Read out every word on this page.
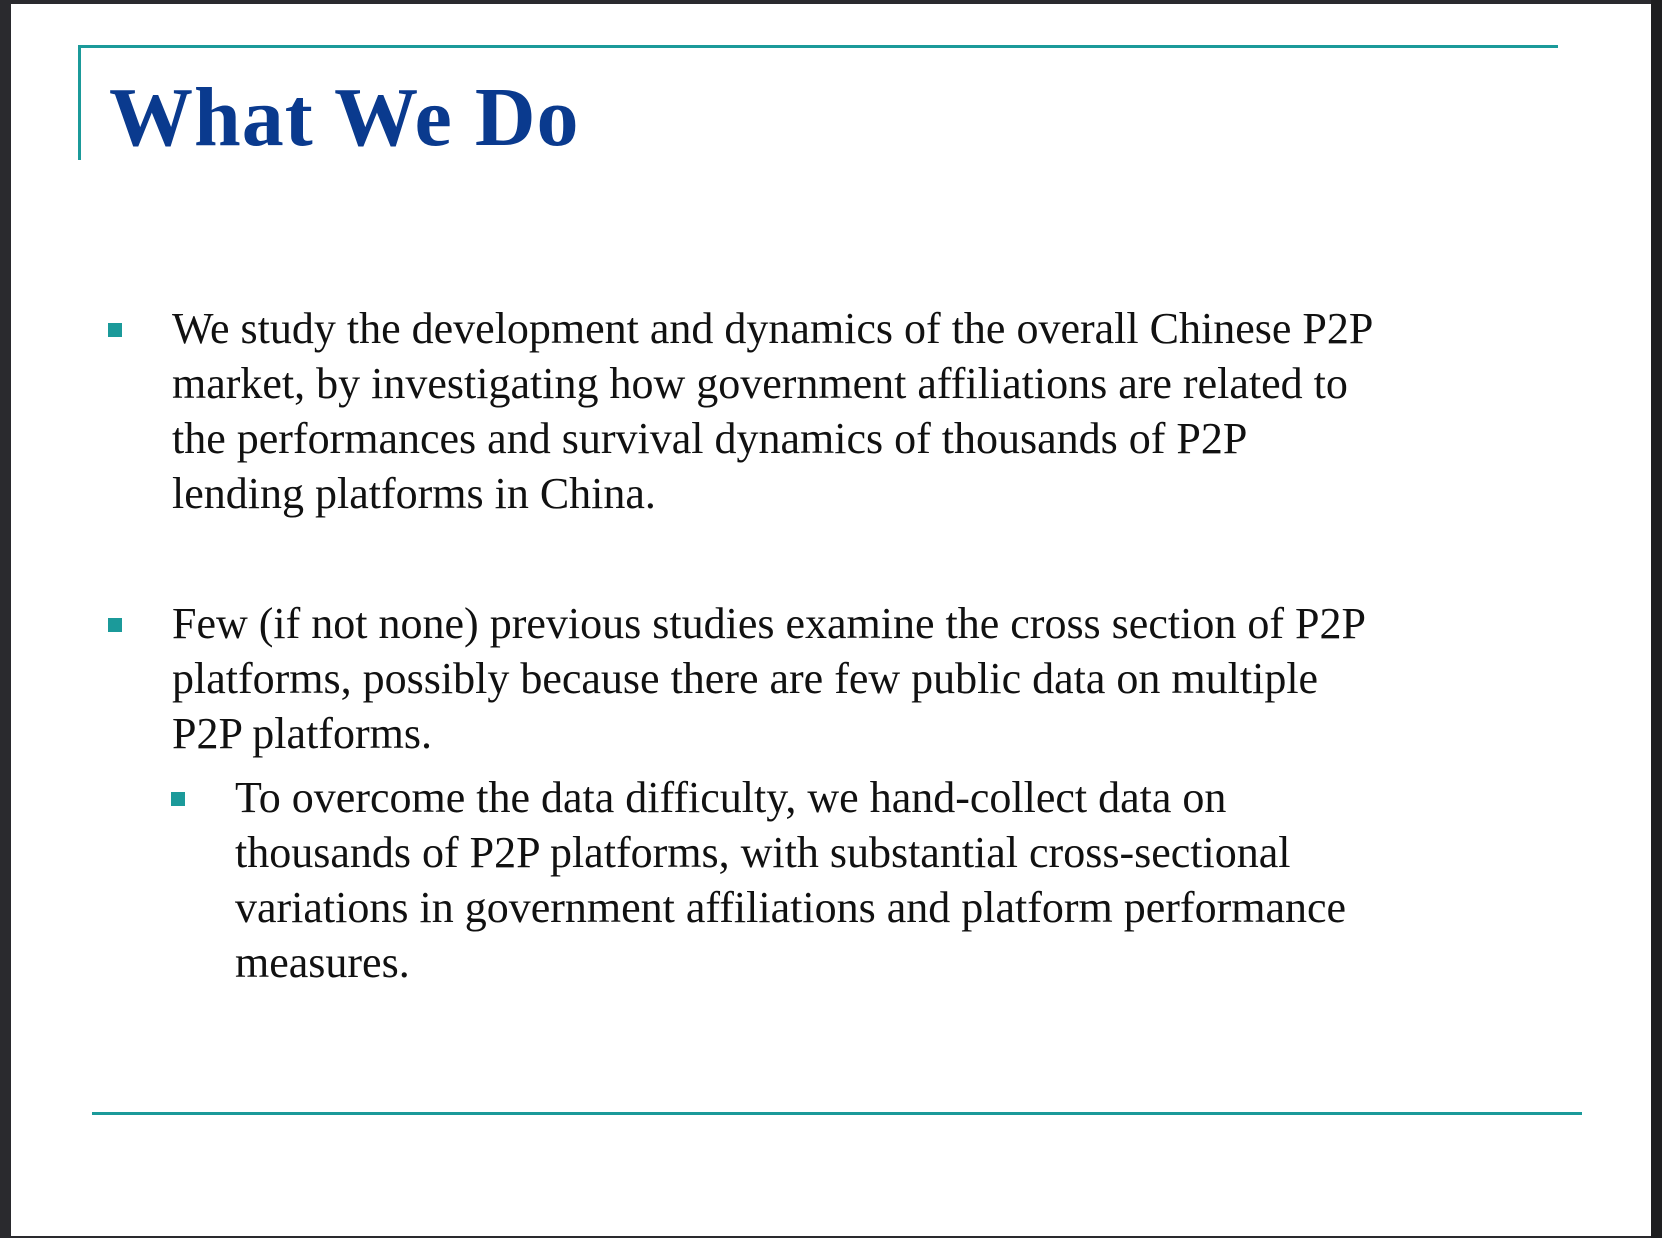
What We Do
We study the development and dynamics of the overall Chinese P2P
market, by investigating how government affiliations are related to
the performances and survival dynamics of thousands of P2P
lending platforms in China.
Few (if not none) previous studies examine the cross section of P2P
platforms, possibly because there are few public data on multiple
P2P platforms.
To overcome the data difficulty, we hand-collect data on
thousands of P2P platforms, with substantial cross-sectional
variations in government affiliations and platform performance
measures.
